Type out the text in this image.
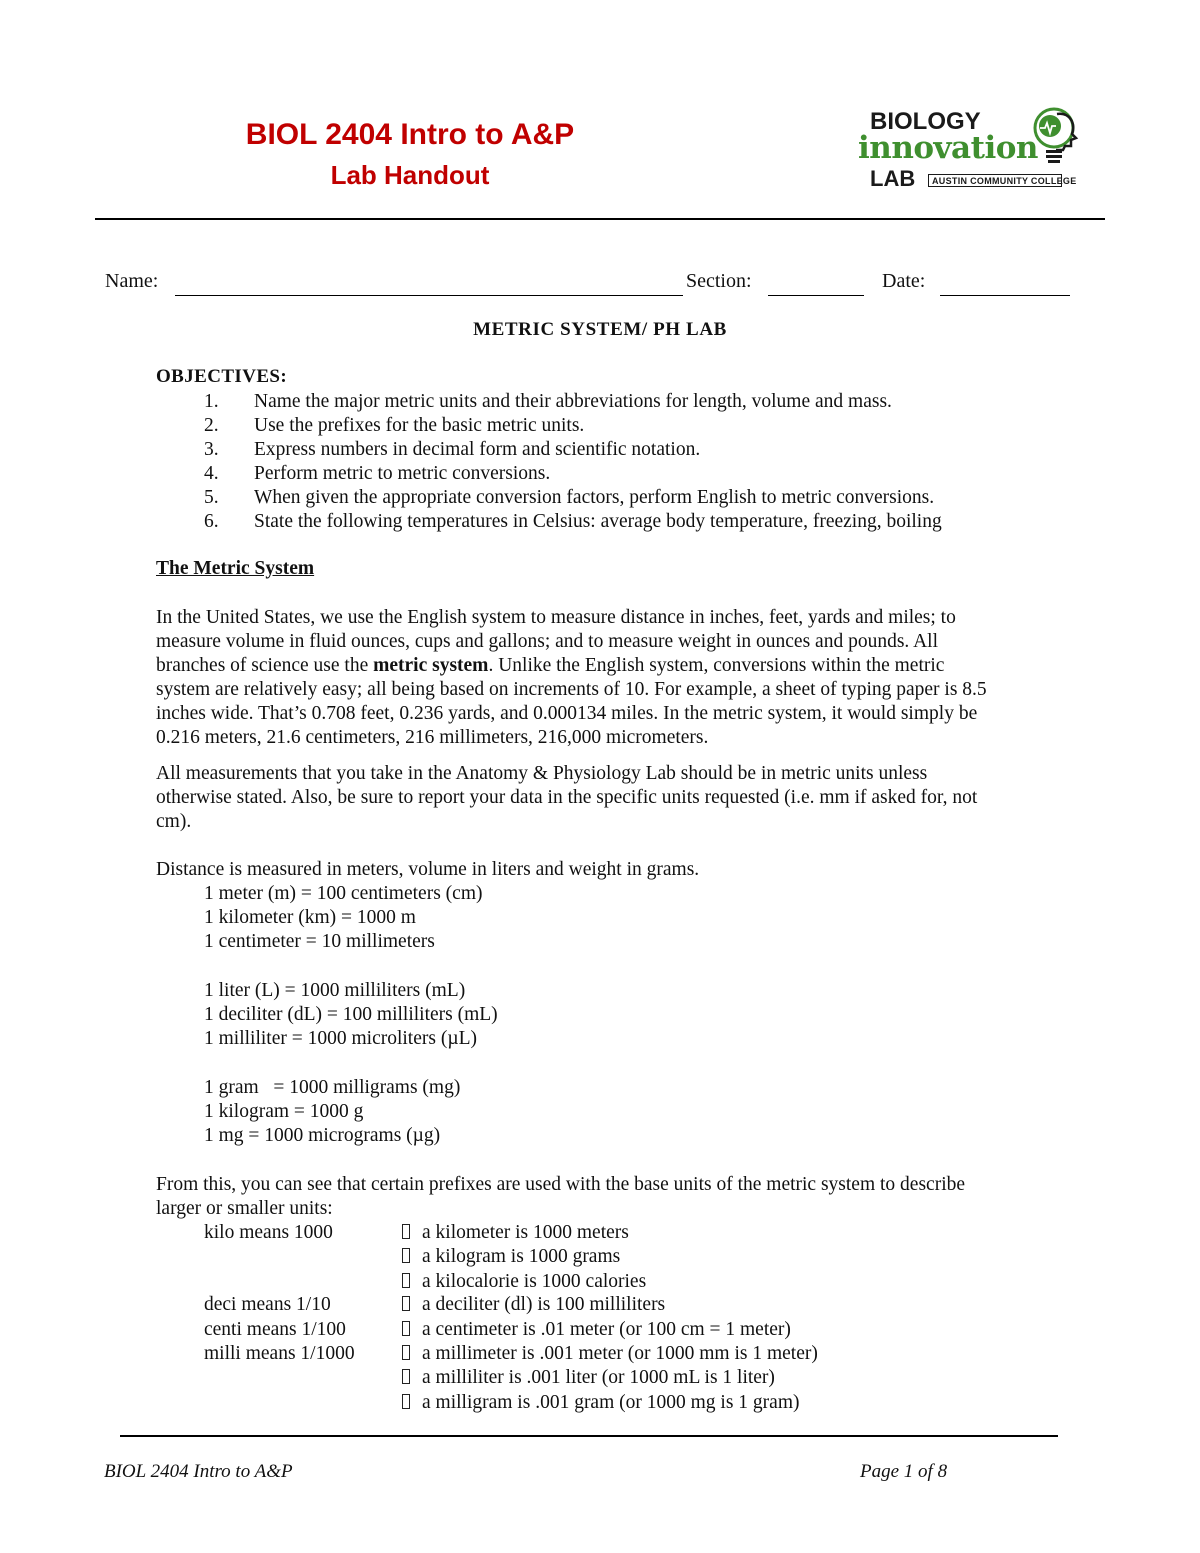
BIOL 2404 Intro to A&P
Lab Handout
BIOLOGY
innovation
LAB	AUSTIN COMMUNITY COLLEGE
Name:	Section:	Date:
METRIC SYSTEM/ PH LAB
OBJECTIVES:
1. Name the major metric units and their abbreviations for length, volume and mass.
2. Use the prefixes for the basic metric units.
3. Express numbers in decimal form and scientific notation.
4. Perform metric to metric conversions.
5. When given the appropriate conversion factors, perform English to metric conversions.
6. State the following temperatures in Celsius: average body temperature, freezing, boiling
The Metric System
In the United States, we use the English system to measure distance in inches, feet, yards and miles; to
measure volume in fluid ounces, cups and gallons; and to measure weight in ounces and pounds. All
branches of science use the metric system. Unlike the English system, conversions within the metric
system are relatively easy; all being based on increments of 10. For example, a sheet of typing paper is 8.5
inches wide. That’s 0.708 feet, 0.236 yards, and 0.000134 miles. In the metric system, it would simply be
0.216 meters, 21.6 centimeters, 216 millimeters, 216,000 micrometers.
All measurements that you take in the Anatomy & Physiology Lab should be in metric units unless
otherwise stated. Also, be sure to report your data in the specific units requested (i.e. mm if asked for, not
cm).
Distance is measured in meters, volume in liters and weight in grams.
1 meter (m) = 100 centimeters (cm)
1 kilometer (km) = 1000 m
1 centimeter = 10 millimeters
1 liter (L) = 1000 milliliters (mL)
1 deciliter (dL) = 100 milliliters (mL)
1 milliliter = 1000 microliters (µL)
1 gram   = 1000 milligrams (mg)
1 kilogram = 1000 g
1 mg = 1000 micrograms (µg)
From this, you can see that certain prefixes are used with the base units of the metric system to describe
larger or smaller units:
kilo means 1000	a kilometer is 1000 meters
a kilogram is 1000 grams
a kilocalorie is 1000 calories
deci means 1/10	a deciliter (dl) is 100 milliliters
centi means 1/100	a centimeter is .01 meter (or 100 cm = 1 meter)
milli means 1/1000	a millimeter is .001 meter (or 1000 mm is 1 meter)
a milliliter is .001 liter (or 1000 mL is 1 liter)
a milligram is .001 gram (or 1000 mg is 1 gram)
BIOL 2404 Intro to A&P	Page 1 of 8
